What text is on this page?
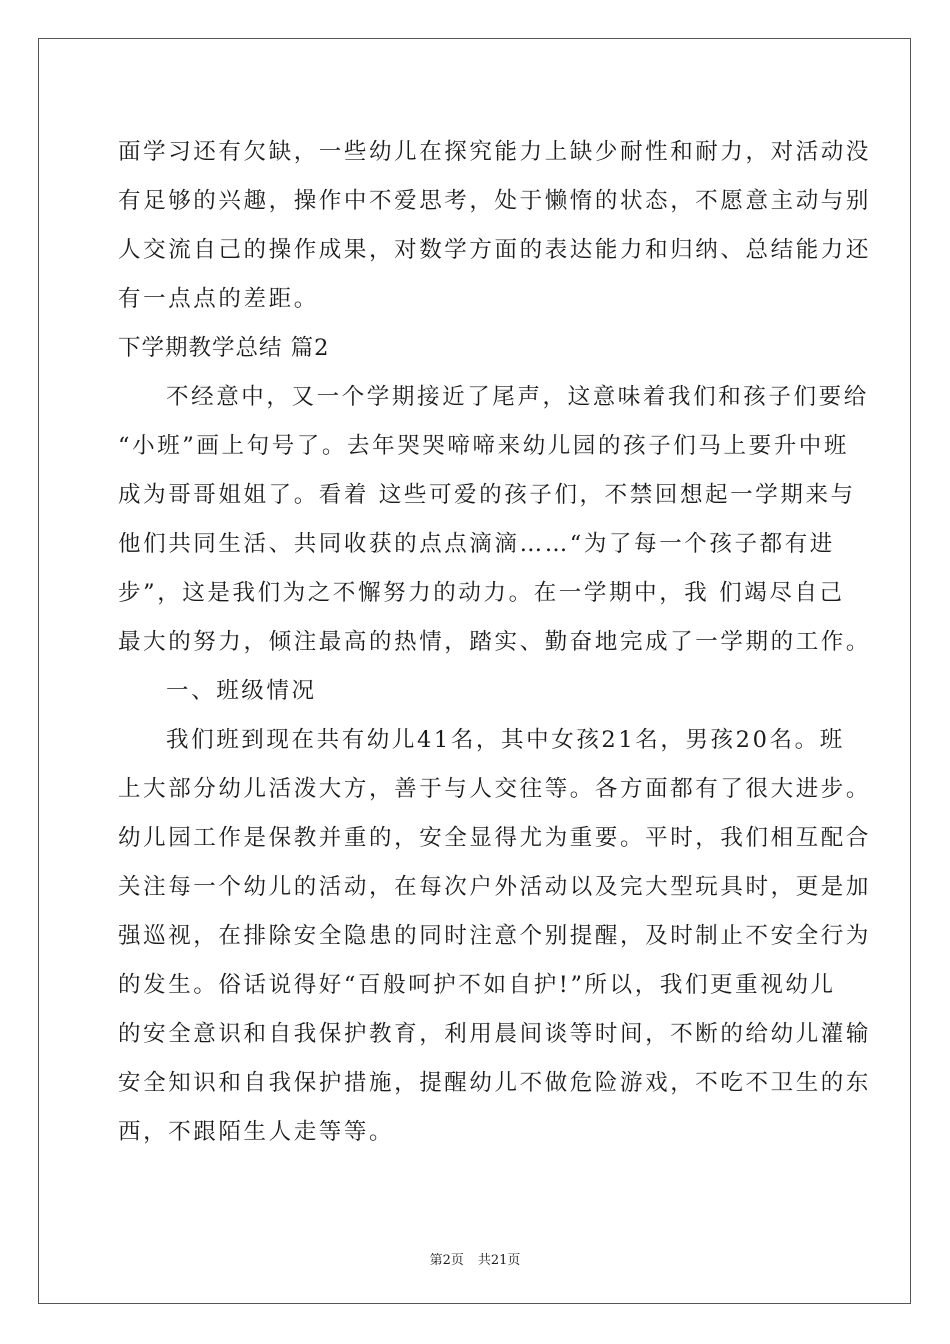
面学习还有欠缺，一些幼儿在探究能力上缺少耐性和耐力，对活动没
有足够的兴趣，操作中不爱思考，处于懒惰的状态，不愿意主动与别
人交流自己的操作成果，对数学方面的表达能力和归纳、总结能力还
有一点点的差距。
下学期教学总结 篇2
不经意中，又一个学期接近了尾声，这意味着我们和孩子们要给
“小班”画上句号了。去年哭哭啼啼来幼儿园的孩子们马上要升中班
成为哥哥姐姐了。看着 这些可爱的孩子们，不禁回想起一学期来与
他们共同生活、共同收获的点点滴滴……“为了每一个孩子都有进
步”，这是我们为之不懈努力的动力。在一学期中，我 们竭尽自己
最大的努力，倾注最高的热情，踏实、勤奋地完成了一学期的工作。
一、班级情况
我们班到现在共有幼儿41名，其中女孩21名，男孩20名。班
上大部分幼儿活泼大方，善于与人交往等。各方面都有了很大进步。
幼儿园工作是保教并重的，安全显得尤为重要。平时，我们相互配合
关注每一个幼儿的活动，在每次户外活动以及完大型玩具时，更是加
强巡视，在排除安全隐患的同时注意个别提醒，及时制止不安全行为
的发生。俗话说得好“百般呵护不如自护!”所以，我们更重视幼儿
的安全意识和自我保护教育，利用晨间谈等时间，不断的给幼儿灌输
安全知识和自我保护措施，提醒幼儿不做危险游戏，不吃不卫生的东
西，不跟陌生人走等等。
第2页 共21页
